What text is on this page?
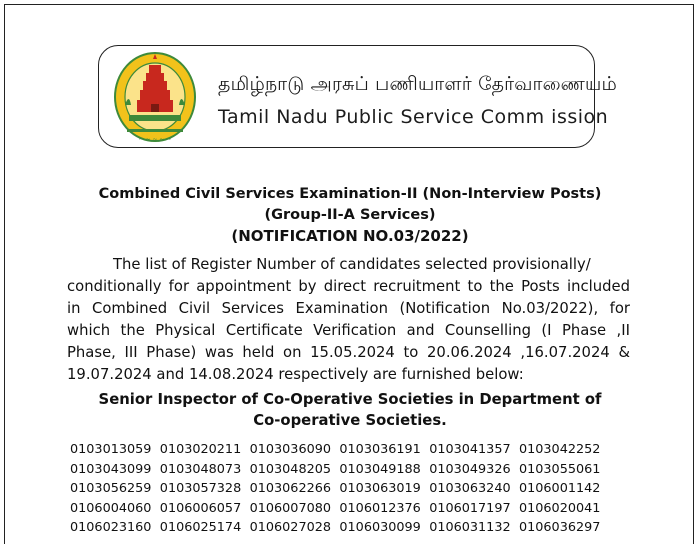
~ ~ ~ ~ ~
தமிழ்நாடு அரசுப் பணியாளர் தேர்வாணையம்
Tamil Nadu Public Service Comm ission
Combined Civil Services Examination-II (Non-Interview Posts)
(Group-II-A Services)
(NOTIFICATION NO.03/2022)
The list of Register Number of candidates selected provisionally/
conditionally for appointment by direct recruitment to the Posts included
in Combined Civil Services Examination (Notification No.03/2022), for
which the Physical Certificate Verification and Counselling (I Phase ,II
Phase, III Phase) was held on 15.05.2024 to 20.06.2024 ,16.07.2024 &
19.07.2024 and 14.08.2024 respectively are furnished below:
Senior Inspector of Co-Operative Societies in Department of
Co-operative Societies.
0103013059 0103020211 0103036090 0103036191 0103041357 0103042252
0103043099 0103048073 0103048205 0103049188 0103049326 0103055061
0103056259 0103057328 0103062266 0103063019 0103063240 0106001142
0106004060 0106006057 0106007080 0106012376 0106017197 0106020041
0106023160 0106025174 0106027028 0106030099 0106031132 0106036297
